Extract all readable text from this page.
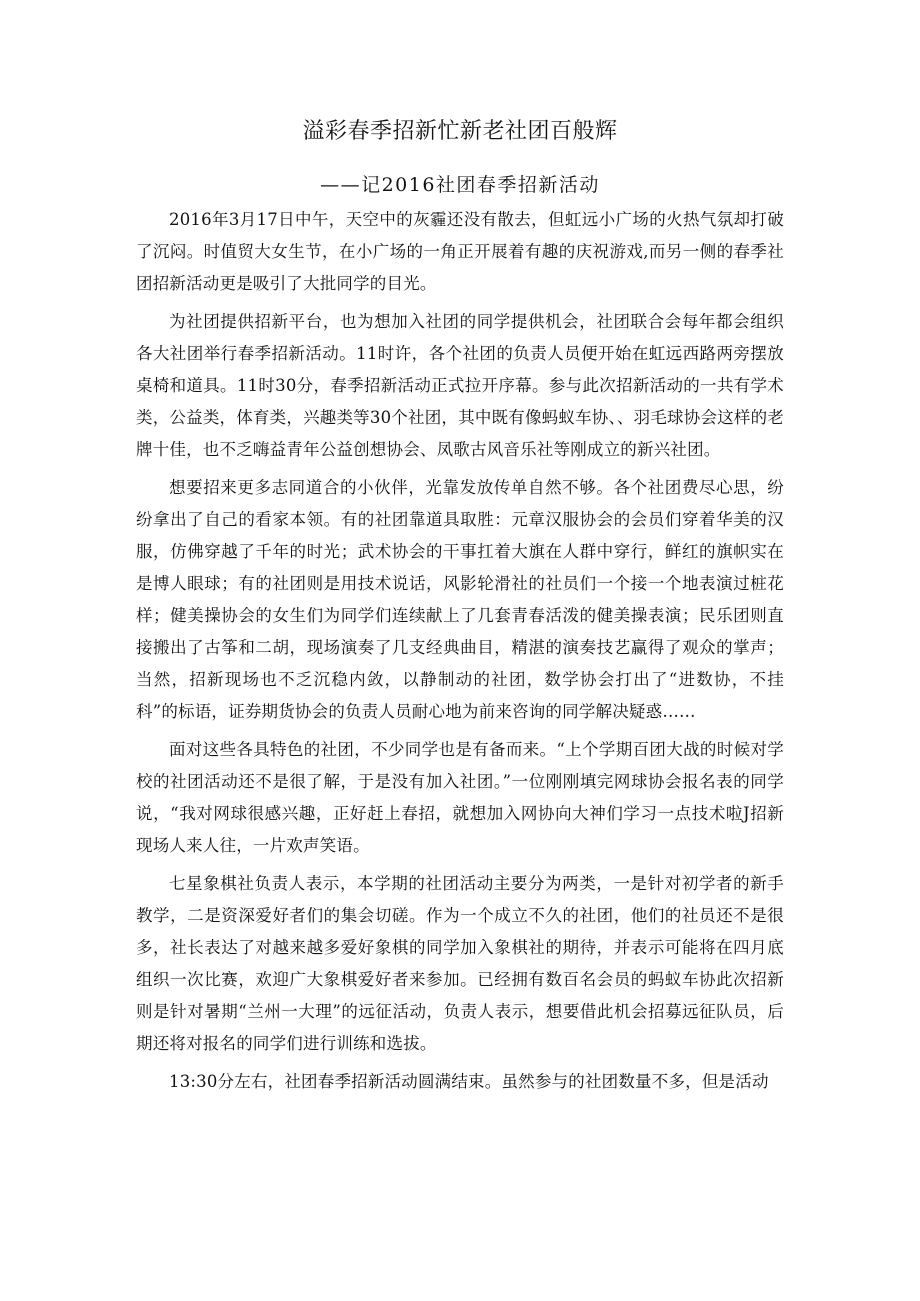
溢彩春季招新忙新老社团百般辉
——记2016社团春季招新活动

2016年3月17日中午，天空中的灰霾还没有散去，但虹远小广场的火热气氛却打破了沉闷。时值贸大女生节，在小广场的一角正开展着有趣的庆祝游戏,而另一侧的春季社团招新活动更是吸引了大批同学的目光。

为社团提供招新平台，也为想加入社团的同学提供机会，社团联合会每年都会组织各大社团举行春季招新活动。11时许，各个社团的负责人员便开始在虹远西路两旁摆放桌椅和道具。11时30分，春季招新活动正式拉开序幕。参与此次招新活动的一共有学术类，公益类，体育类，兴趣类等30个社团，其中既有像蚂蚁车协、、羽毛球协会这样的老牌十佳，也不乏嗨益青年公益创想协会、凤歌古风音乐社等刚成立的新兴社团。

想要招来更多志同道合的小伙伴，光靠发放传单自然不够。各个社团费尽心思，纷纷拿出了自己的看家本领。有的社团靠道具取胜：元章汉服协会的会员们穿着华美的汉服，仿佛穿越了千年的时光；武术协会的干事扛着大旗在人群中穿行，鲜红的旗帜实在是博人眼球；有的社团则是用技术说话，风影轮滑社的社员们一个接一个地表演过桩花样；健美操协会的女生们为同学们连续献上了几套青春活泼的健美操表演；民乐团则直接搬出了古筝和二胡，现场演奏了几支经典曲目，精湛的演奏技艺赢得了观众的掌声；当然，招新现场也不乏沉稳内敛，以静制动的社团，数学协会打出了“进数协，不挂科”的标语，证券期货协会的负责人员耐心地为前来咨询的同学解决疑惑……

面对这些各具特色的社团，不少同学也是有备而来。“上个学期百团大战的时候对学校的社团活动还不是很了解，于是没有加入社团。”一位刚刚填完网球协会报名表的同学说，“我对网球很感兴趣，正好赶上春招，就想加入网协向大神们学习一点技术啦J招新现场人来人往，一片欢声笑语。

七星象棋社负责人表示，本学期的社团活动主要分为两类，一是针对初学者的新手教学，二是资深爱好者们的集会切磋。作为一个成立不久的社团，他们的社员还不是很多，社长表达了对越来越多爱好象棋的同学加入象棋社的期待，并表示可能将在四月底组织一次比赛，欢迎广大象棋爱好者来参加。已经拥有数百名会员的蚂蚁车协此次招新则是针对暑期“兰州一大理”的远征活动，负责人表示，想要借此机会招募远征队员，后期还将对报名的同学们进行训练和选拔。

13:30分左右，社团春季招新活动圆满结束。虽然参与的社团数量不多，但是活动
